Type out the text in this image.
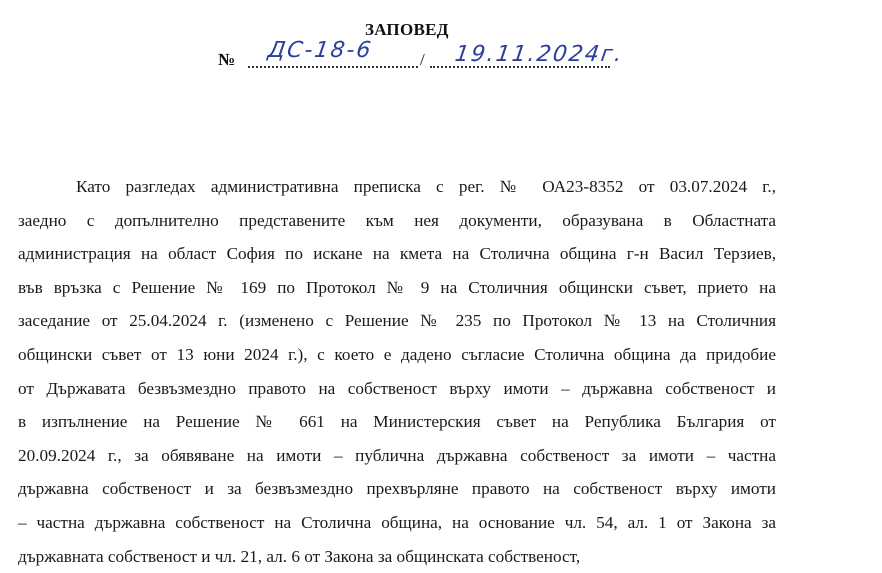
ЗАПОВЕД
№ ДС-18-6	/ 19.11.2024г.
Като разгледах административна преписка с рег. № ОА23-8352 от 03.07.2024 г.,
заедно с допълнително представените към нея документи, образувана в Областната
администрация на област София по искане на кмета на Столична община г-н Васил Терзиев,
във връзка с Решение № 169 по Протокол № 9 на Столичния общински съвет, прието на
заседание от 25.04.2024 г. (изменено с Решение № 235 по Протокол № 13 на Столичния
общински съвет от 13 юни 2024 г.), с което е дадено съгласие Столична община да придобие
от Държавата безвъзмездно правото на собственост върху имоти – държавна собственост и
в изпълнение на Решение № 661 на Министерския съвет на Република България от
20.09.2024 г., за обявяване на имоти – публична държавна собственост за имоти – частна
държавна собственост и за безвъзмездно прехвърляне правото на собственост върху имоти
– частна държавна собственост на Столична община, на основание чл. 54, ал. 1 от Закона за
държавната собственост и чл. 21, ал. 6 от Закона за общинската собственост,
